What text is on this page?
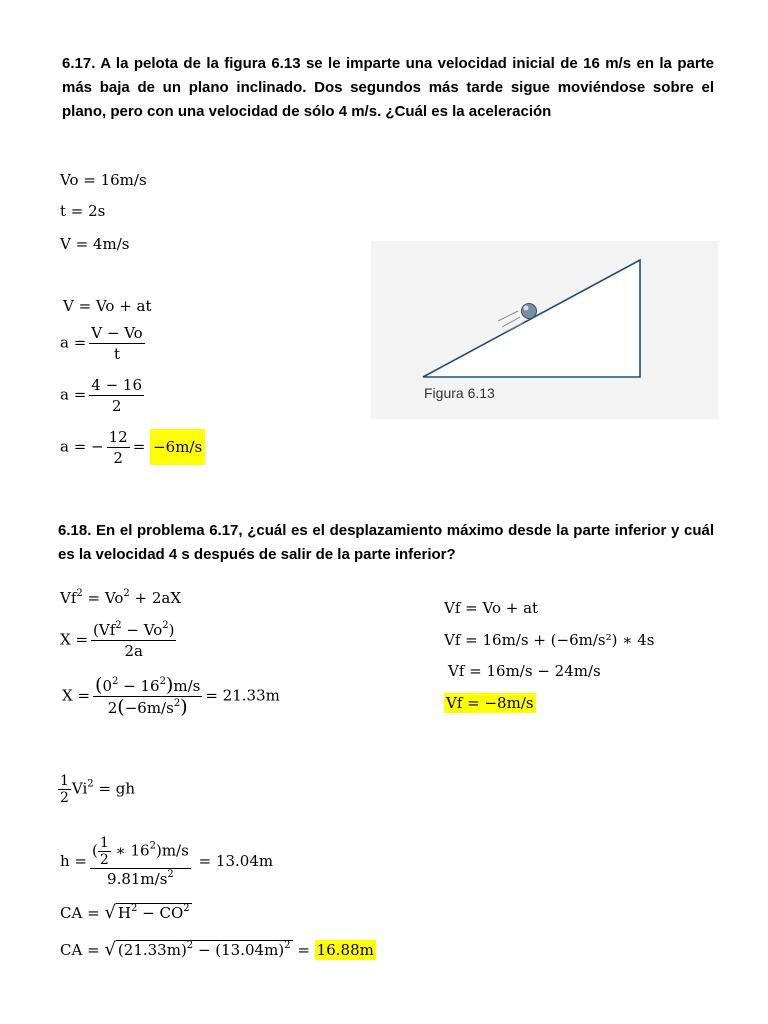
6.17. A la pelota de la figura 6.13 se le imparte una velocidad inicial de 16 m/s en la parte más baja de un plano inclinado. Dos segundos más tarde sigue moviéndose sobre el plano, pero con una velocidad de sólo 4 m/s. ¿Cuál es la aceleración
Vo = 16m/s
t = 2s
V = 4m/s
V = Vo + at
$a = \frac{V - Vo}{t}$
$a = \frac{4 - 16}{2}$
a = − $\frac{12}{2} = -6m/s$
Figura 6.13
6.18. En el problema 6.17, ¿cuál es el desplazamiento máximo desde la parte inferior y cuál es la velocidad 4 s después de salir de la parte inferior?
$Vf^2 = Vo^2 + 2aX$
$X = \frac{(Vf^2 - Vo^2)}{2a}$
$X = \frac{(0^2 - 16^2)m/s}{2(-6m/s^2)} = 21.33m$
Vf = Vo + at
Vf = 16m/s + (−6m/s²) ∗ 4s
Vf = 16m/s − 24m/s
Vf = −8m/s
$\frac{1}{2} Vi^2$ = gh
$h = \frac{( \frac{1}{2} ∗ 16^2)m/s}{9.81m/s^2} = 13.04m$
CA = √ $H^2 - CO^2$
CA = √ $(21.33m)^2 - (13.04m)^2 = 16.88m$
